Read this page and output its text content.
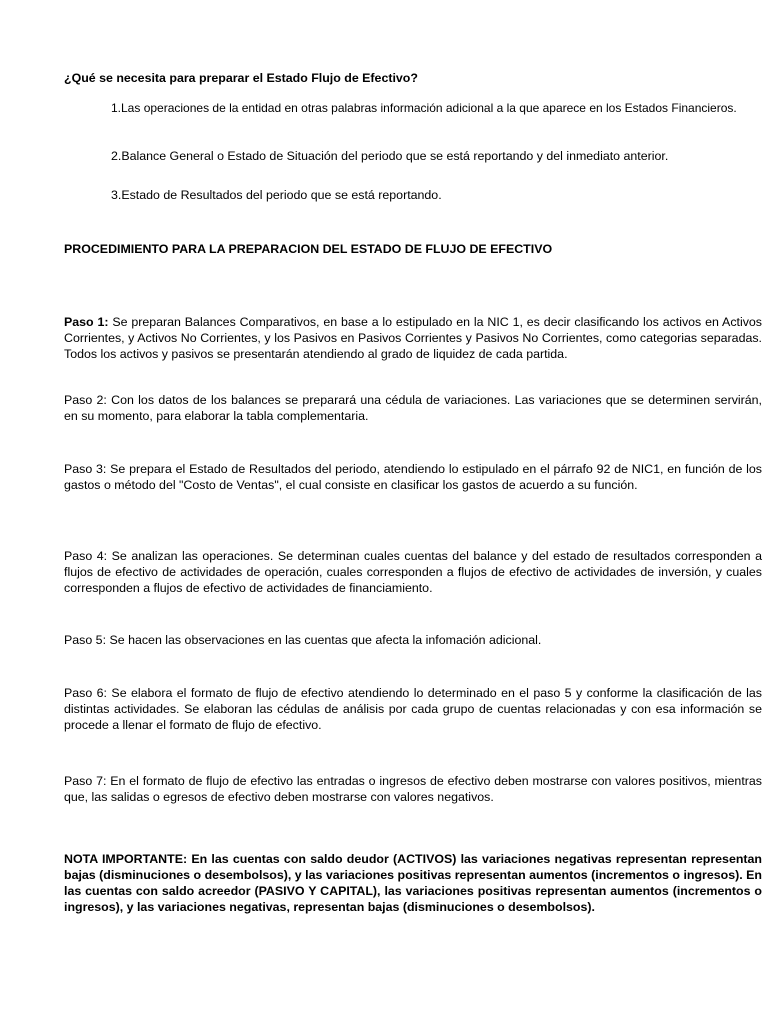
¿Qué se necesita para preparar el Estado Flujo de Efectivo?
1.Las operaciones de la entidad en otras palabras información adicional a la que aparece en los Estados Financieros.
2.Balance General o Estado de Situación del periodo que se está reportando y del inmediato anterior.
3.Estado de Resultados del periodo que se está reportando.
PROCEDIMIENTO PARA LA PREPARACION DEL ESTADO DE FLUJO DE EFECTIVO
Paso 1: Se preparan Balances Comparativos, en base a lo estipulado en la NIC 1, es decir clasificando los activos en Activos Corrientes, y Activos No Corrientes, y los Pasivos en Pasivos Corrientes y Pasivos No Corrientes, como categorias separadas. Todos los activos y pasivos se presentarán atendiendo al grado de liquidez de cada partida.
Paso 2: Con los datos de los balances se preparará una cédula de variaciones. Las variaciones que se determinen servirán, en su momento, para elaborar la tabla complementaria.
Paso 3: Se prepara el Estado de Resultados del periodo, atendiendo lo estipulado en el párrafo 92 de NIC1, en función de los gastos o método del "Costo de Ventas", el cual consiste en clasificar los gastos de acuerdo a su función.
Paso 4: Se analizan las operaciones. Se determinan cuales cuentas del balance y del estado de resultados corresponden a flujos de efectivo de actividades de operación, cuales corresponden a flujos de efectivo de actividades de inversión, y cuales corresponden a flujos de efectivo de actividades de financiamiento.
Paso 5: Se hacen las observaciones en las cuentas que afecta la infomación adicional.
Paso 6: Se elabora el formato de flujo de efectivo atendiendo lo determinado en el paso 5 y conforme la clasificación de las distintas actividades. Se elaboran las cédulas de análisis por cada grupo de cuentas relacionadas y con esa información se procede a llenar el formato de flujo de efectivo.
Paso 7: En el formato de flujo de efectivo las entradas o ingresos de efectivo deben mostrarse con valores positivos, mientras que, las salidas o egresos de efectivo deben mostrarse con valores negativos.
NOTA IMPORTANTE: En las cuentas con saldo deudor (ACTIVOS) las variaciones negativas representan representan bajas (disminuciones o desembolsos), y las variaciones positivas representan aumentos (incrementos o ingresos). En las cuentas con saldo acreedor (PASIVO Y CAPITAL), las variaciones positivas representan aumentos (incrementos o ingresos), y las variaciones negativas, representan bajas (disminuciones o desembolsos).
